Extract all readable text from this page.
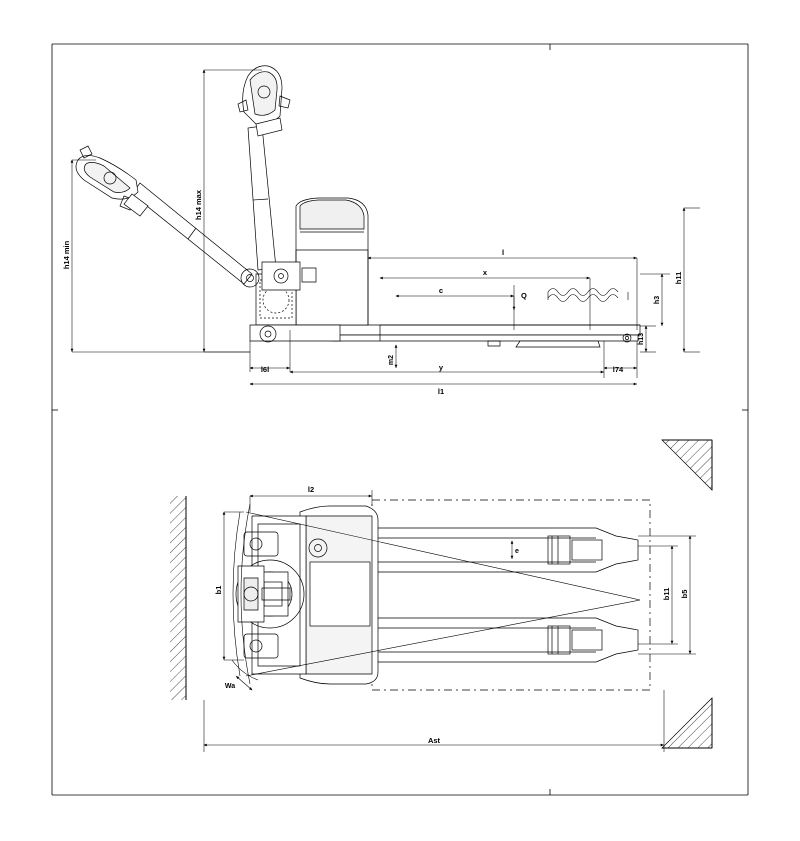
h14 max
h14 min	l
x
c
Q
h11
h3
h13
l6l
m2
y	l74
l1
l2
b1	b11 b5
e
Wa
Ast
